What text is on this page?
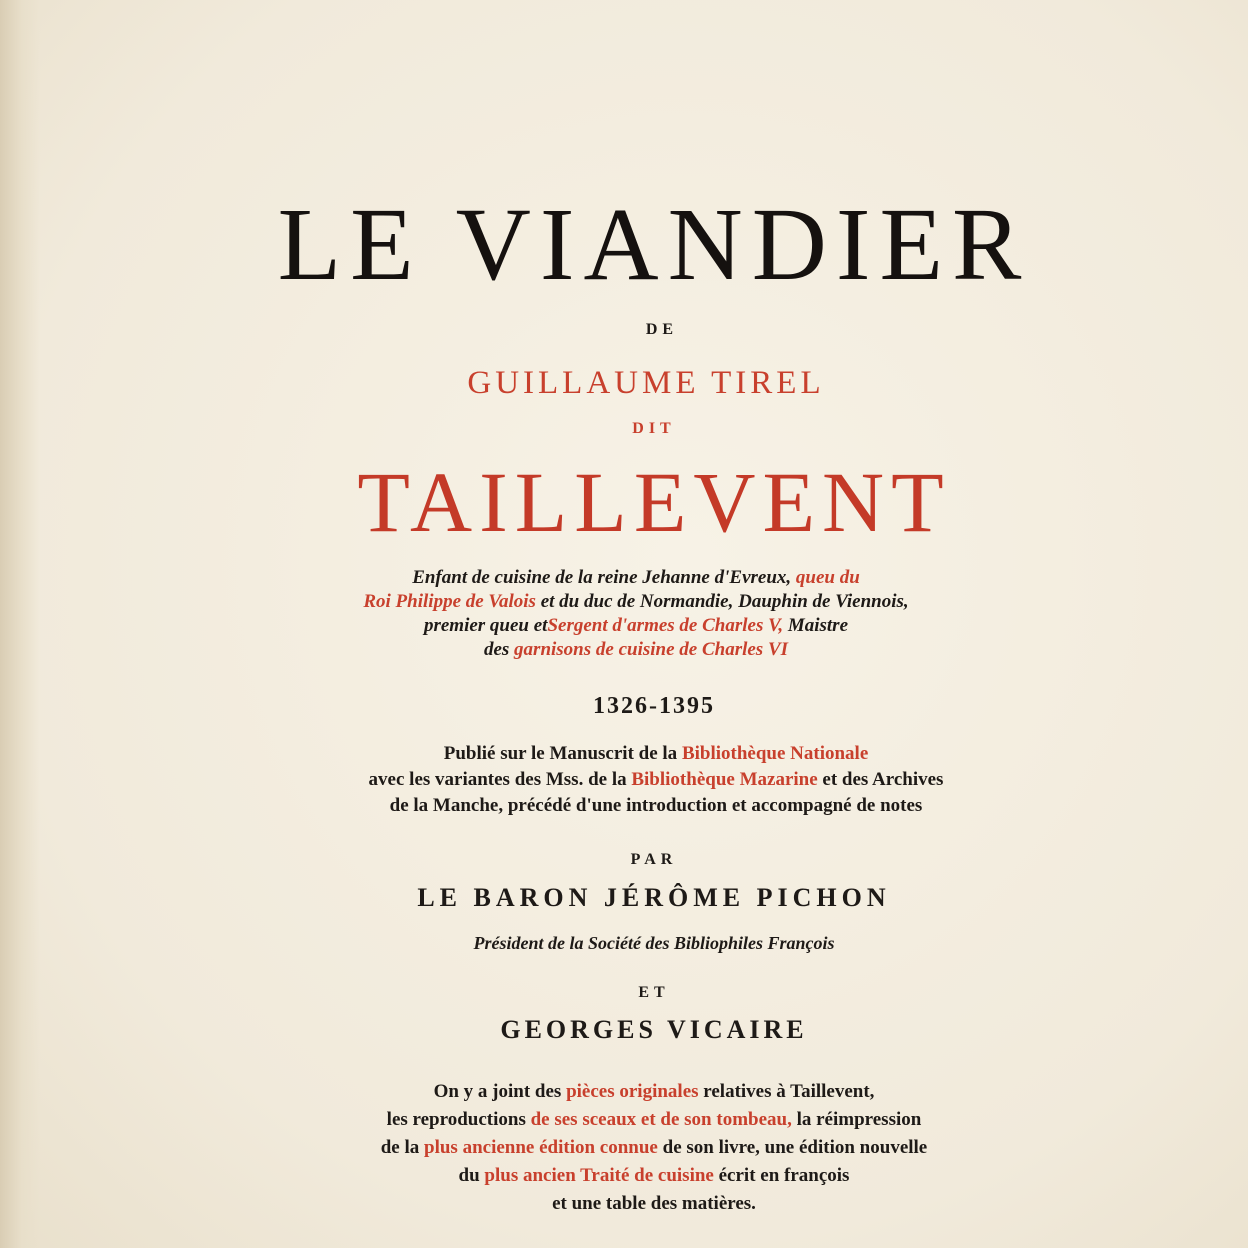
LE VIANDIER
DE
GUILLAUME TIREL
DIT
TAILLEVENT
Enfant de cuisine de la reine Jehanne d'Evreux, queu du
Roi Philippe de Valois et du duc de Normandie, Dauphin de Viennois,
premier queu etSergent d'armes de Charles V, Maistre
des garnisons de cuisine de Charles VI
1326-1395
Publié sur le Manuscrit de la Bibliothèque Nationale
avec les variantes des Mss. de la Bibliothèque Mazarine et des Archives
de la Manche, précédé d'une introduction et accompagné de notes
PAR
LE BARON JÉRÔME PICHON
Président de la Société des Bibliophiles François
ET
GEORGES VICAIRE
On y a joint des pièces originales relatives à Taillevent,
les reproductions de ses sceaux et de son tombeau, la réimpression
de la plus ancienne édition connue de son livre, une édition nouvelle
du plus ancien Traité de cuisine écrit en françois
et une table des matières.
